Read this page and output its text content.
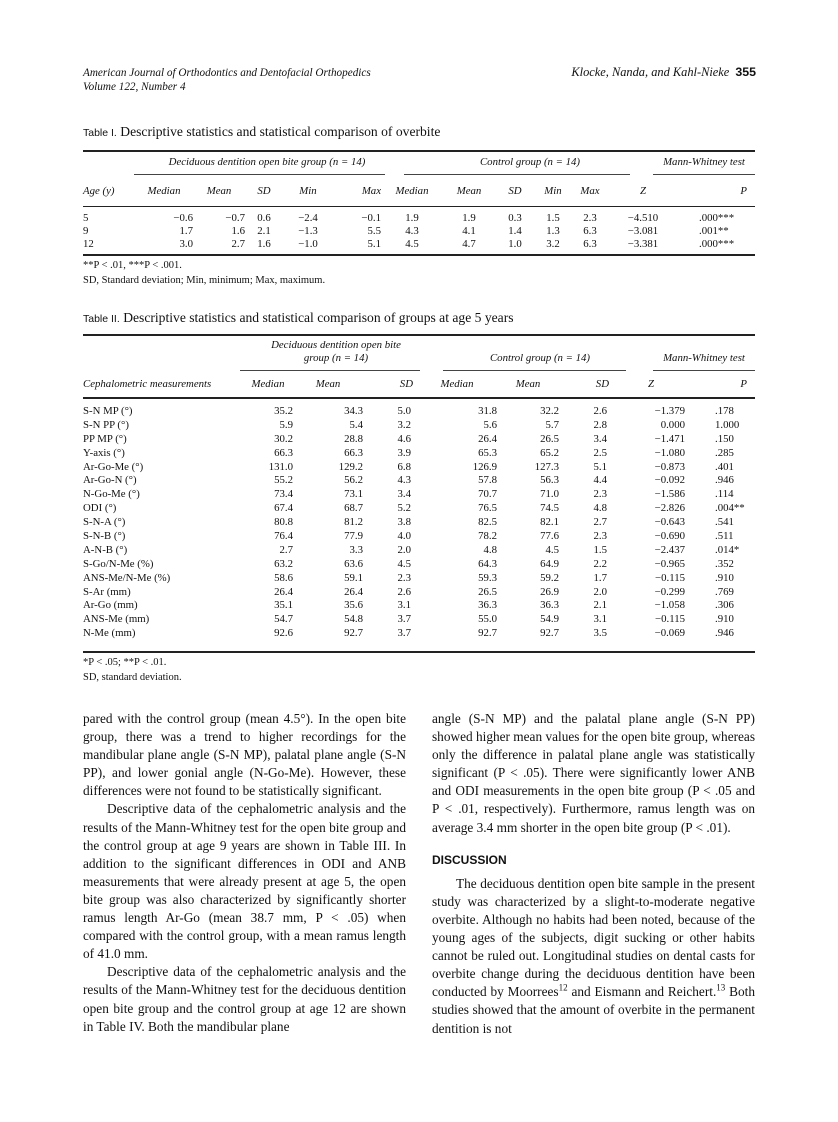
American Journal of Orthodontics and Dentofacial Orthopedics
Volume 122, Number 4
Klocke, Nanda, and Kahl-Nieke 355
Table I. Descriptive statistics and statistical comparison of overbite
Deciduous dentition open bite group (n = 14)	Control group (n = 14)	Mann-Whitney test
Age (y)	Median	Mean	SD	Min	Max	Median	Mean	SD	Min	Max	Z	P

5	−0.6	−0.7	0.6	−2.4	−0.1	1.9	1.9	0.3	1.5	2.3	−4.510	.000***
9	1.7	1.6	2.1	−1.3	5.5	4.3	4.1	1.4	1.3	6.3	−3.081	.001**
12	3.0	2.7	1.6	−1.0	5.1	4.5	4.7	1.0	3.2	6.3	−3.381	.000***
**P < .01, ***P < .001.
SD, Standard deviation; Min, minimum; Max, maximum.
Table II. Descriptive statistics and statistical comparison of groups at age 5 years
Deciduous dentition open bite
group (n = 14)	Control group (n = 14)	Mann-Whitney test
Cephalometric measurements	Median	Mean	SD	Median	Mean	SD	Z	P

S-N MP (°)	35.2	34.3	5.0	31.8	32.2	2.6	−1.379	.178
S-N PP (°)	5.9	5.4	3.2	5.6	5.7	2.8	0.000	1.000
PP MP (°)	30.2	28.8	4.6	26.4	26.5	3.4	−1.471	.150
Y-axis (°)	66.3	66.3	3.9	65.3	65.2	2.5	−1.080	.285
Ar-Go-Me (°)	131.0	129.2	6.8	126.9	127.3	5.1	−0.873	.401
Ar-Go-N (°)	55.2	56.2	4.3	57.8	56.3	4.4	−0.092	.946
N-Go-Me (°)	73.4	73.1	3.4	70.7	71.0	2.3	−1.586	.114
ODI (°)	67.4	68.7	5.2	76.5	74.5	4.8	−2.826	.004**
S-N-A (°)	80.8	81.2	3.8	82.5	82.1	2.7	−0.643	.541
S-N-B (°)	76.4	77.9	4.0	78.2	77.6	2.3	−0.690	.511
A-N-B (°)	2.7	3.3	2.0	4.8	4.5	1.5	−2.437	.014*
S-Go/N-Me (%)	63.2	63.6	4.5	64.3	64.9	2.2	−0.965	.352
ANS-Me/N-Me (%)	58.6	59.1	2.3	59.3	59.2	1.7	−0.115	.910
S-Ar (mm)	26.4	26.4	2.6	26.5	26.9	2.0	−0.299	.769
Ar-Go (mm)	35.1	35.6	3.1	36.3	36.3	2.1	−1.058	.306
ANS-Me (mm)	54.7	54.8	3.7	55.0	54.9	3.1	−0.115	.910
N-Me (mm)	92.6	92.7	3.7	92.7	92.7	3.5	−0.069	.946
*P < .05; **P < .01.
SD, standard deviation.

pared with the control group (mean 4.5°). In the open bite group, there was a trend to higher recordings for the mandibular plane angle (S-N MP), palatal plane angle (S-N PP), and lower gonial angle (N-Go-Me). However, these differences were not found to be statistically significant.

Descriptive data of the cephalometric analysis and the results of the Mann-Whitney test for the open bite group and the control group at age 9 years are shown in Table III. In addition to the significant differences in ODI and ANB measurements that were already present at age 5, the open bite group was also characterized by significantly shorter ramus length Ar-Go (mean 38.7 mm, P < .05) when compared with the control group, with a mean ramus length of 41.0 mm.

Descriptive data of the cephalometric analysis and the results of the Mann-Whitney test for the deciduous dentition open bite group and the control group at age 12 are shown in Table IV. Both the mandibular plane

angle (S-N MP) and the palatal plane angle (S-N PP) showed higher mean values for the open bite group, whereas only the difference in palatal plane angle was statistically significant (P < .05). There were significantly lower ANB and ODI measurements in the open bite group (P < .05 and P < .01, respectively). Furthermore, ramus length was on average 3.4 mm shorter in the open bite group (P < .01).

DISCUSSION

The deciduous dentition open bite sample in the present study was characterized by a slight-to-moderate negative overbite. Although no habits had been noted, because of the young ages of the subjects, digit sucking or other habits cannot be ruled out. Longitudinal studies on dental casts for overbite change during the deciduous dentition have been conducted by Moorrees$^{12}$ and Eismann and Reichert.$^{13}$ Both studies showed that the amount of overbite in the permanent dentition is not
